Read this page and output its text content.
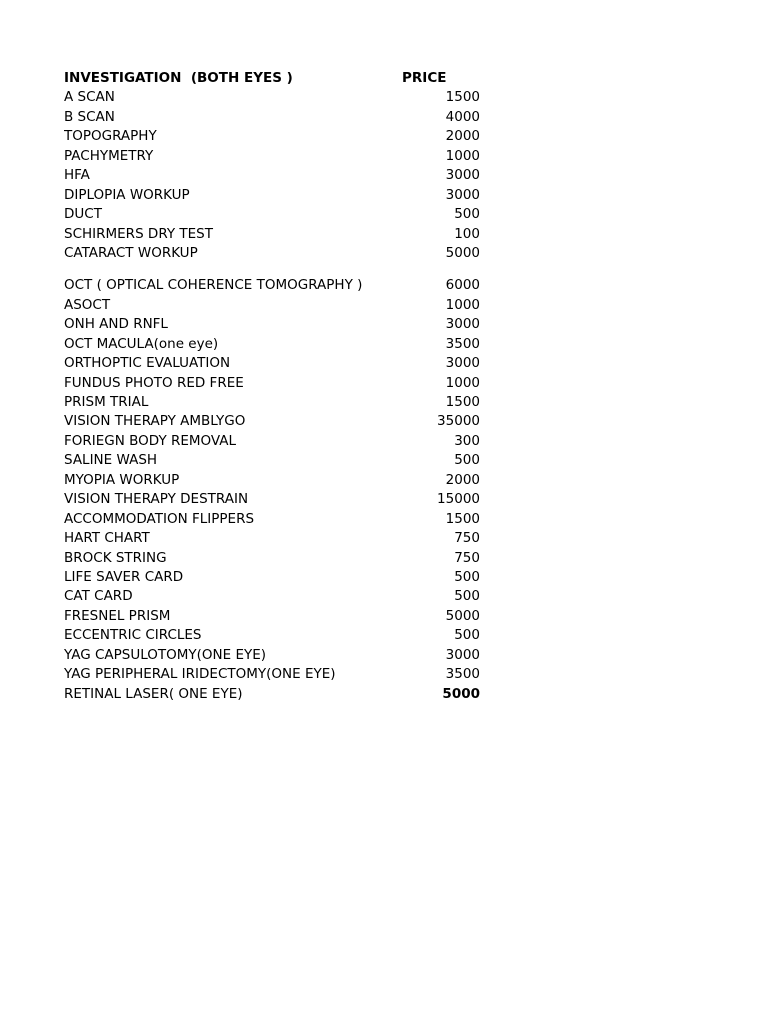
INVESTIGATION  (BOTH EYES )	PRICE
A SCAN	1500
B SCAN	4000
TOPOGRAPHY	2000
PACHYMETRY	1000
HFA	3000
DIPLOPIA WORKUP	3000
DUCT	500
SCHIRMERS DRY TEST	100
CATARACT WORKUP	5000
OCT ( OPTICAL COHERENCE TOMOGRAPHY )	6000
ASOCT	1000
ONH AND RNFL	3000
OCT MACULA(one eye)	3500
ORTHOPTIC EVALUATION	3000
FUNDUS PHOTO RED FREE	1000
PRISM TRIAL	1500
VISION THERAPY AMBLYGO	35000
FORIEGN BODY REMOVAL	300
SALINE WASH	500
MYOPIA WORKUP	2000
VISION THERAPY DESTRAIN	15000
ACCOMMODATION FLIPPERS	1500
HART CHART	750
BROCK STRING	750
LIFE SAVER CARD	500
CAT CARD	500
FRESNEL PRISM	5000
ECCENTRIC CIRCLES	500
YAG CAPSULOTOMY(ONE EYE)	3000
YAG PERIPHERAL IRIDECTOMY(ONE EYE)	3500
RETINAL LASER( ONE EYE)	5000
